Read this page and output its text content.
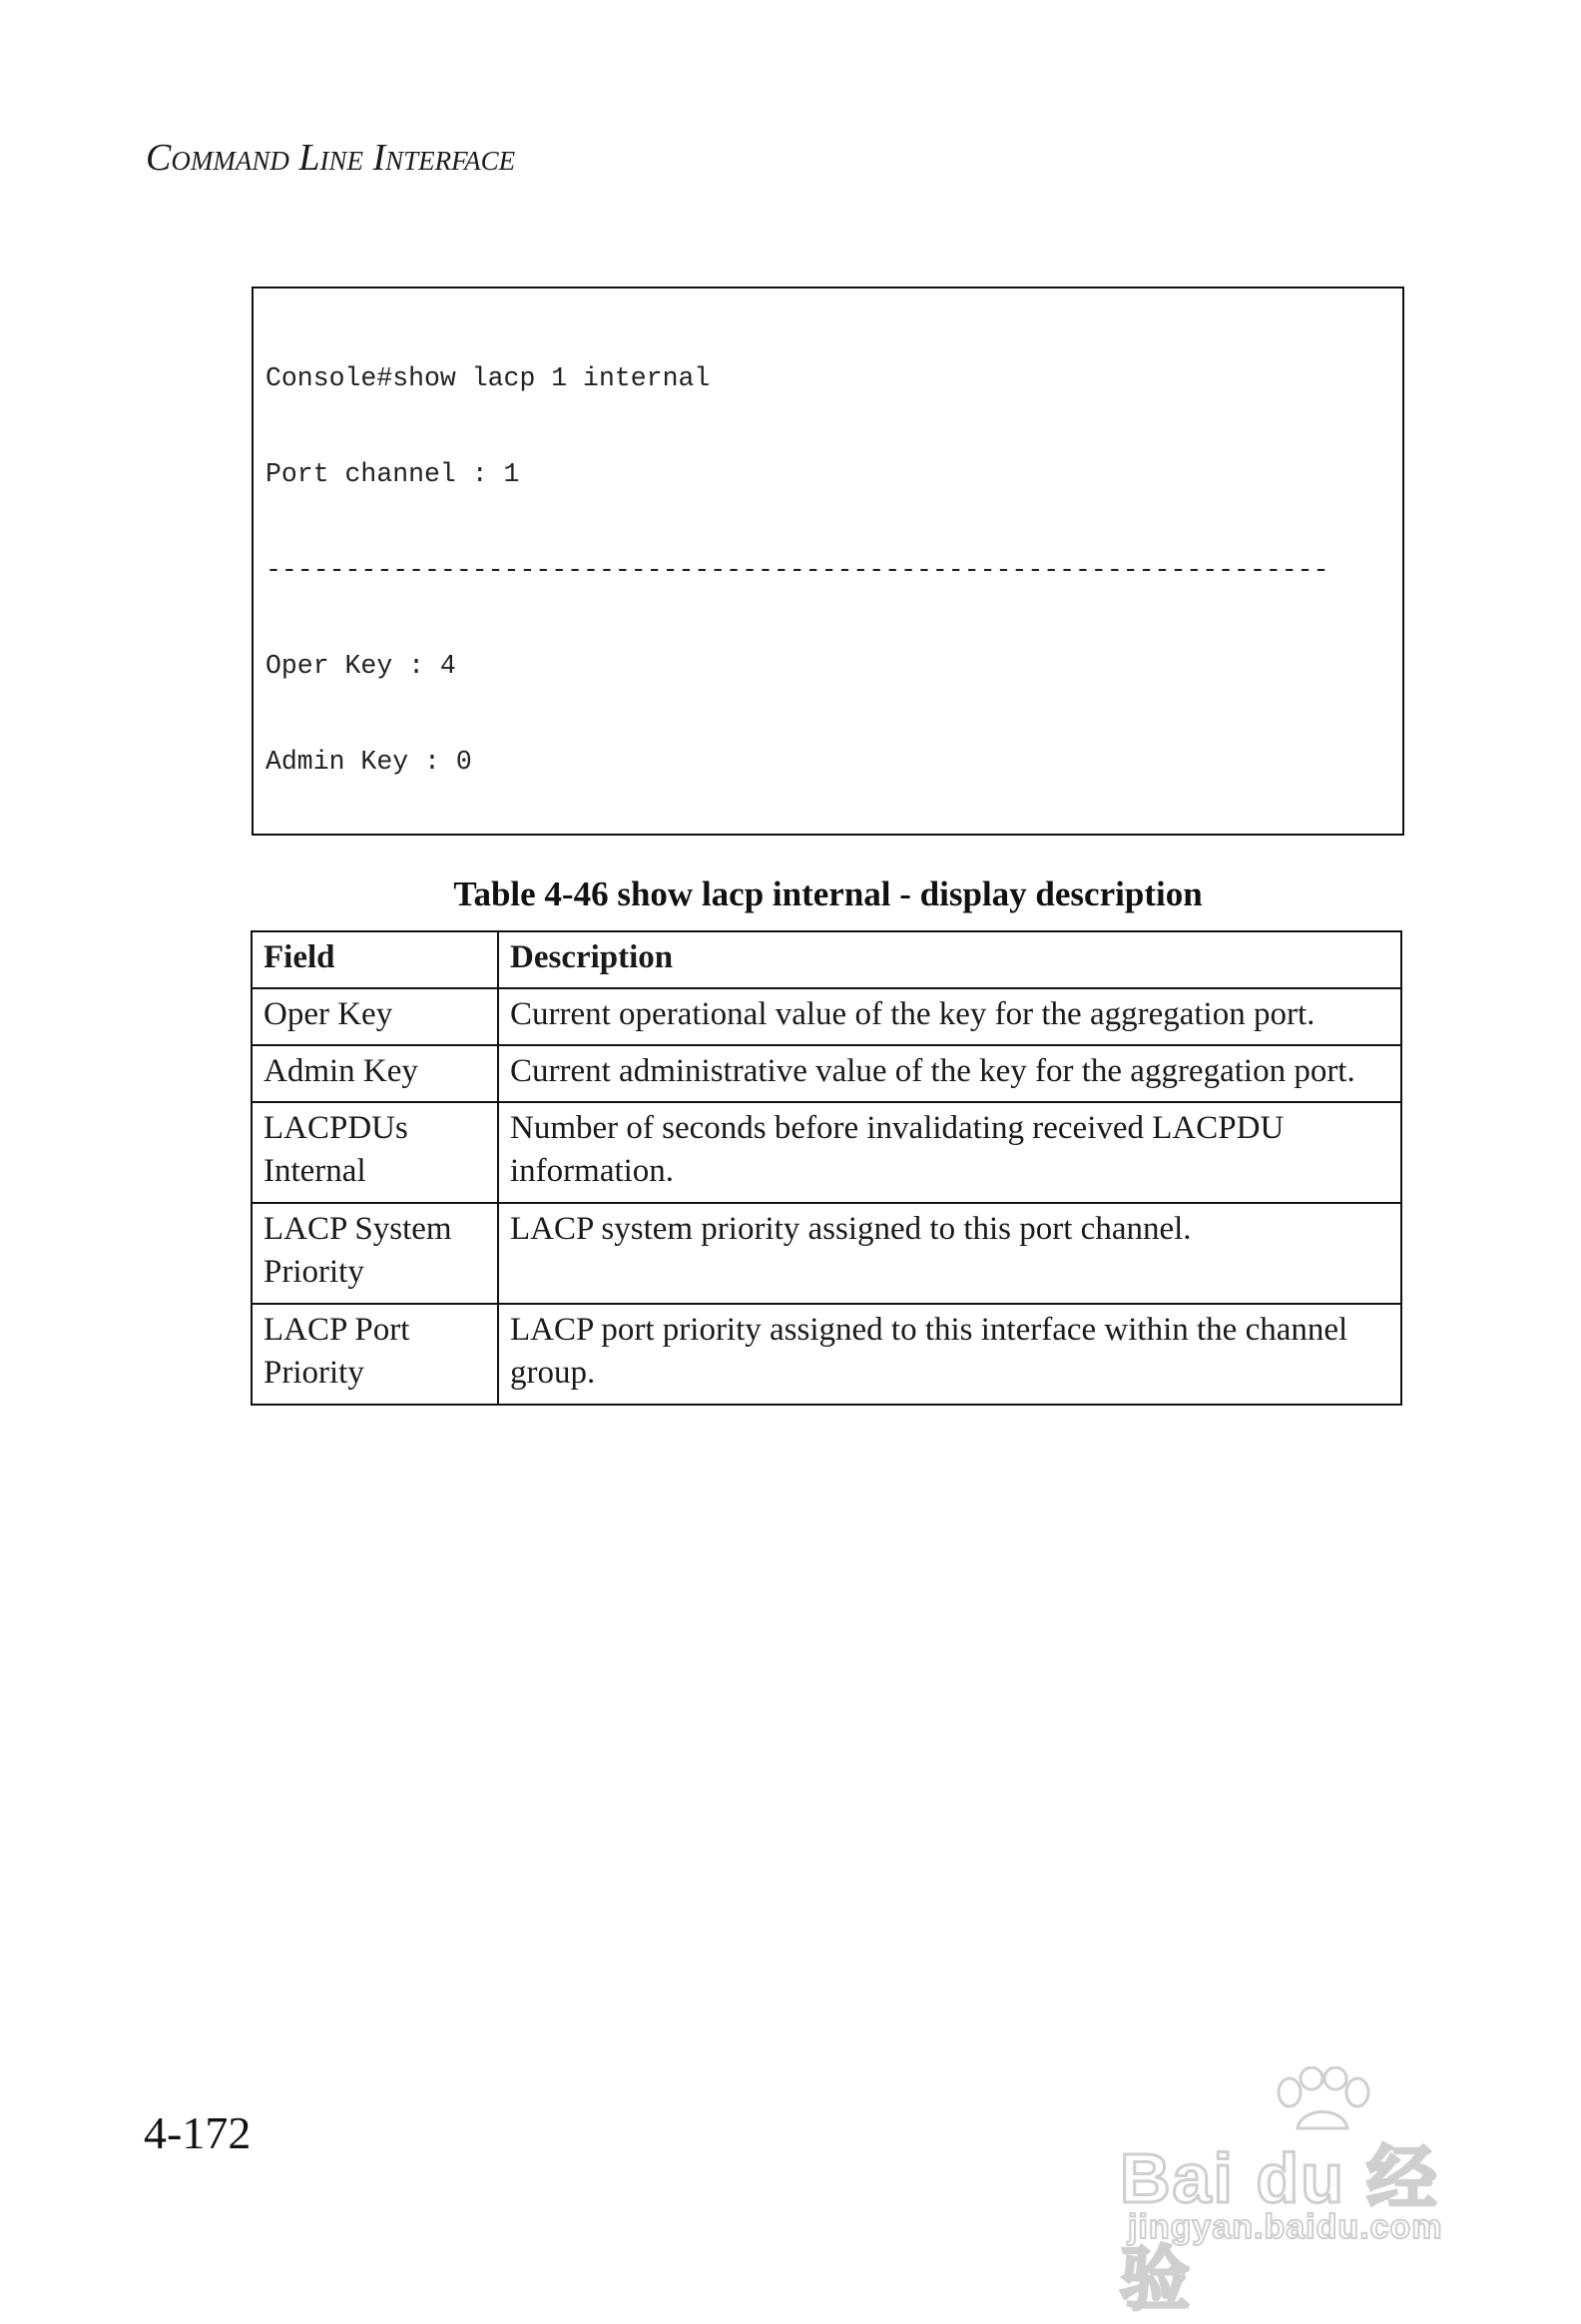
Command Line Interface

Console#show lacp 1 internal

Port channel : 1

-------------------------------------------------------------------

Oper Key : 4

Admin Key : 0

Table 4-46 show lacp internal - display description
Field	Description
Oper Key	Current operational value of the key for the aggregation port.
Admin Key	Current administrative value of the key for the aggregation port.
LACPDUs Internal	Number of seconds before invalidating received LACPDU information.
LACP System Priority	LACP system priority assigned to this port channel.
LACP Port Priority	LACP port priority assigned to this interface within the channel group.
4-172
Bai du 经验
jingyan.baidu.com
